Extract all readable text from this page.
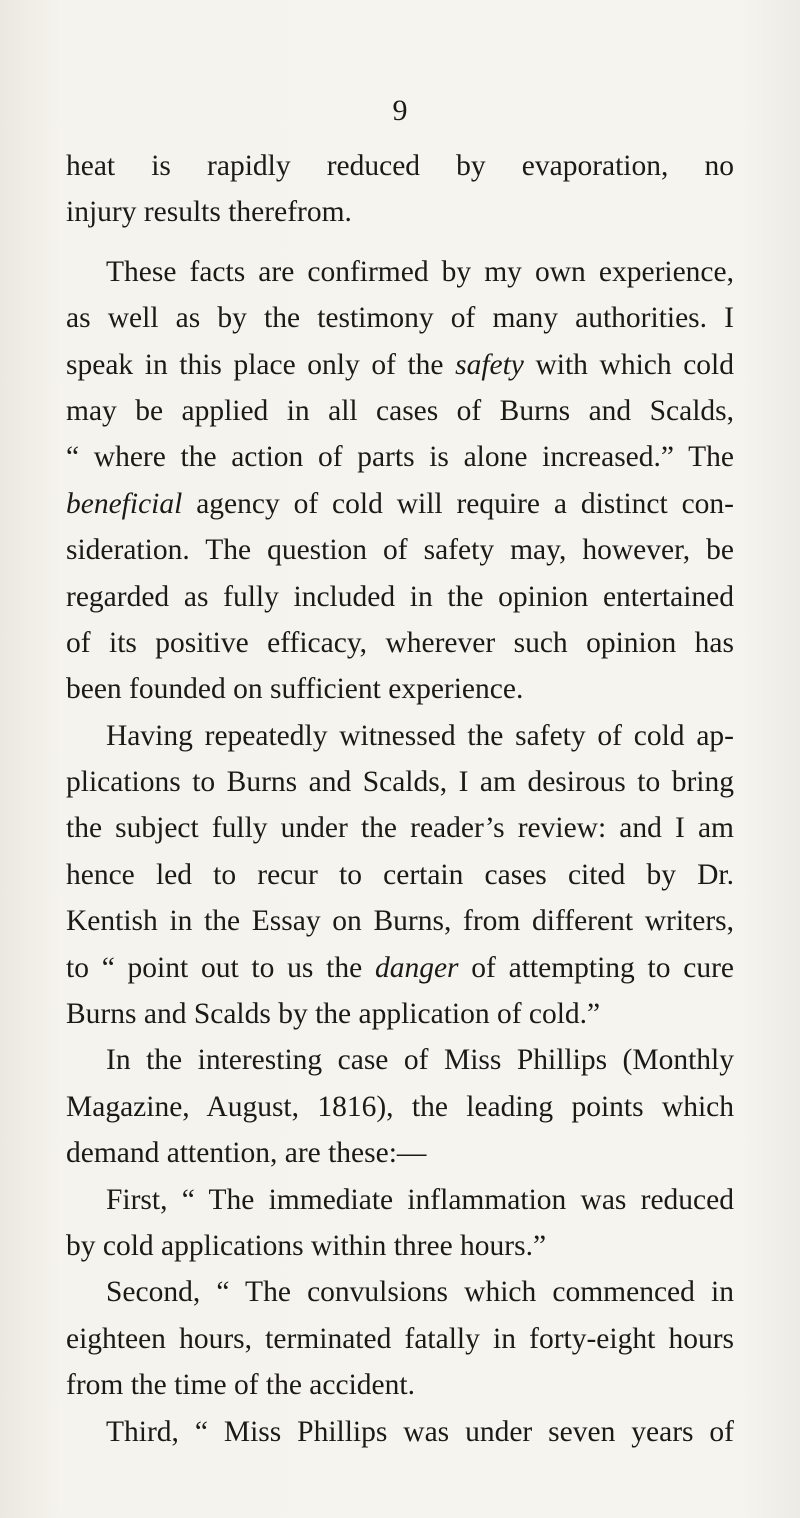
9
heat is rapidly reduced by evaporation, no
injury results therefrom.
These facts are confirmed by my own experience,
as well as by the testimony of many authorities. I
speak in this place only of the safety with which cold
may be applied in all cases of Burns and Scalds,
“ where the action of parts is alone increased.” The
beneficial agency of cold will require a distinct con-
sideration. The question of safety may, however, be
regarded as fully included in the opinion entertained
of its positive efficacy, wherever such opinion has
been founded on sufficient experience.
Having repeatedly witnessed the safety of cold ap-
plications to Burns and Scalds, I am desirous to bring
the subject fully under the reader’s review: and I am
hence led to recur to certain cases cited by Dr.
Kentish in the Essay on Burns, from different writers,
to “ point out to us the danger of attempting to cure
Burns and Scalds by the application of cold.”
In the interesting case of Miss Phillips (Monthly
Magazine, August, 1816), the leading points which
demand attention, are these:—
First, “ The immediate inflammation was reduced
by cold applications within three hours.”
Second, “ The convulsions which commenced in
eighteen hours, terminated fatally in forty-eight hours
from the time of the accident.
Third, “ Miss Phillips was under seven years of
